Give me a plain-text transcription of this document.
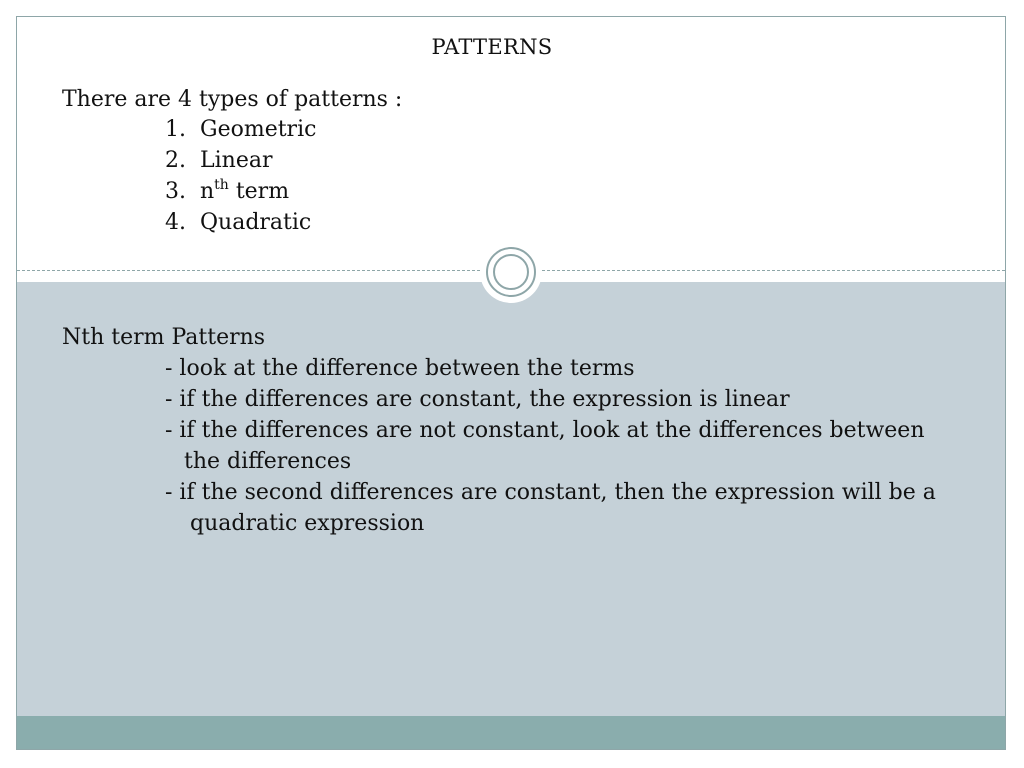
PATTERNS
There are 4 types of patterns :
1. Geometric
2. Linear
3. $n^{th}$ term
4. Quadratic
Nth term Patterns
- look at the difference between the terms
- if the differences are constant, the expression is linear
- if the differences are not constant, look at the differences between
the differences
- if the second differences are constant, then the expression will be a
quadratic expression
